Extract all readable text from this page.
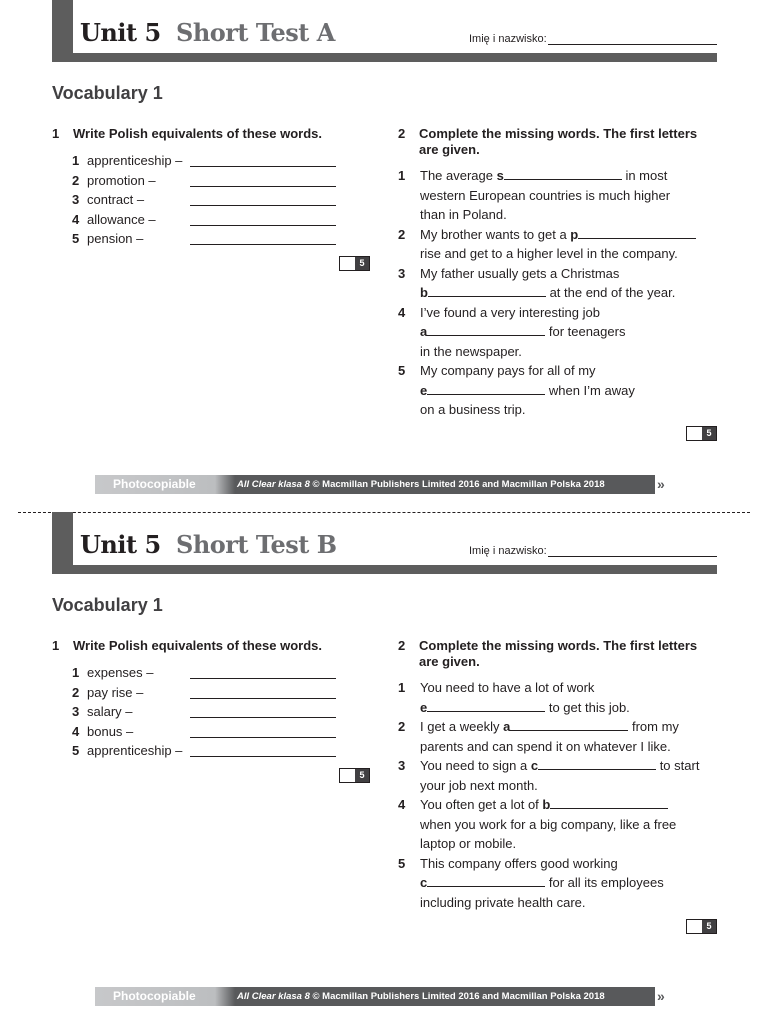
Unit 5 Short Test A	Imię i nazwisko:
Vocabulary 1
1 Write Polish equivalents of these words.
1 apprenticeship –
2 promotion –
3 contract –
4 allowance –
5 pension –
5
2 Complete the missing words. The first letters
are given.
1 The average s	in most
western European countries is much higher
than in Poland.
2 My brother wants to get a p
rise and get to a higher level in the company.
3 My father usually gets a Christmas
b	at the end of the year.
4 I’ve found a very interesting job
a	for teenagers
in the newspaper.
5 My company pays for all of my
e	when I’m away
on a business trip.
5
Photocopiable	All Clear klasa 8 © Macmillan Publishers Limited 2016 and Macmillan Polska 2018	»
Unit 5 Short Test B	Imię i nazwisko:
Vocabulary 1
1 Write Polish equivalents of these words.
1 expenses –
2 pay rise –
3 salary –
4 bonus –
5 apprenticeship –
5
2 Complete the missing words. The first letters
are given.
1 You need to have a lot of work
e	to get this job.
2 I get a weekly a	from my
parents and can spend it on whatever I like.
3 You need to sign a c	to start
your job next month.
4 You often get a lot of b
when you work for a big company, like a free
laptop or mobile.
5 This company offers good working
c	for all its employees
including private health care.
5
Photocopiable	All Clear klasa 8 © Macmillan Publishers Limited 2016 and Macmillan Polska 2018	»
